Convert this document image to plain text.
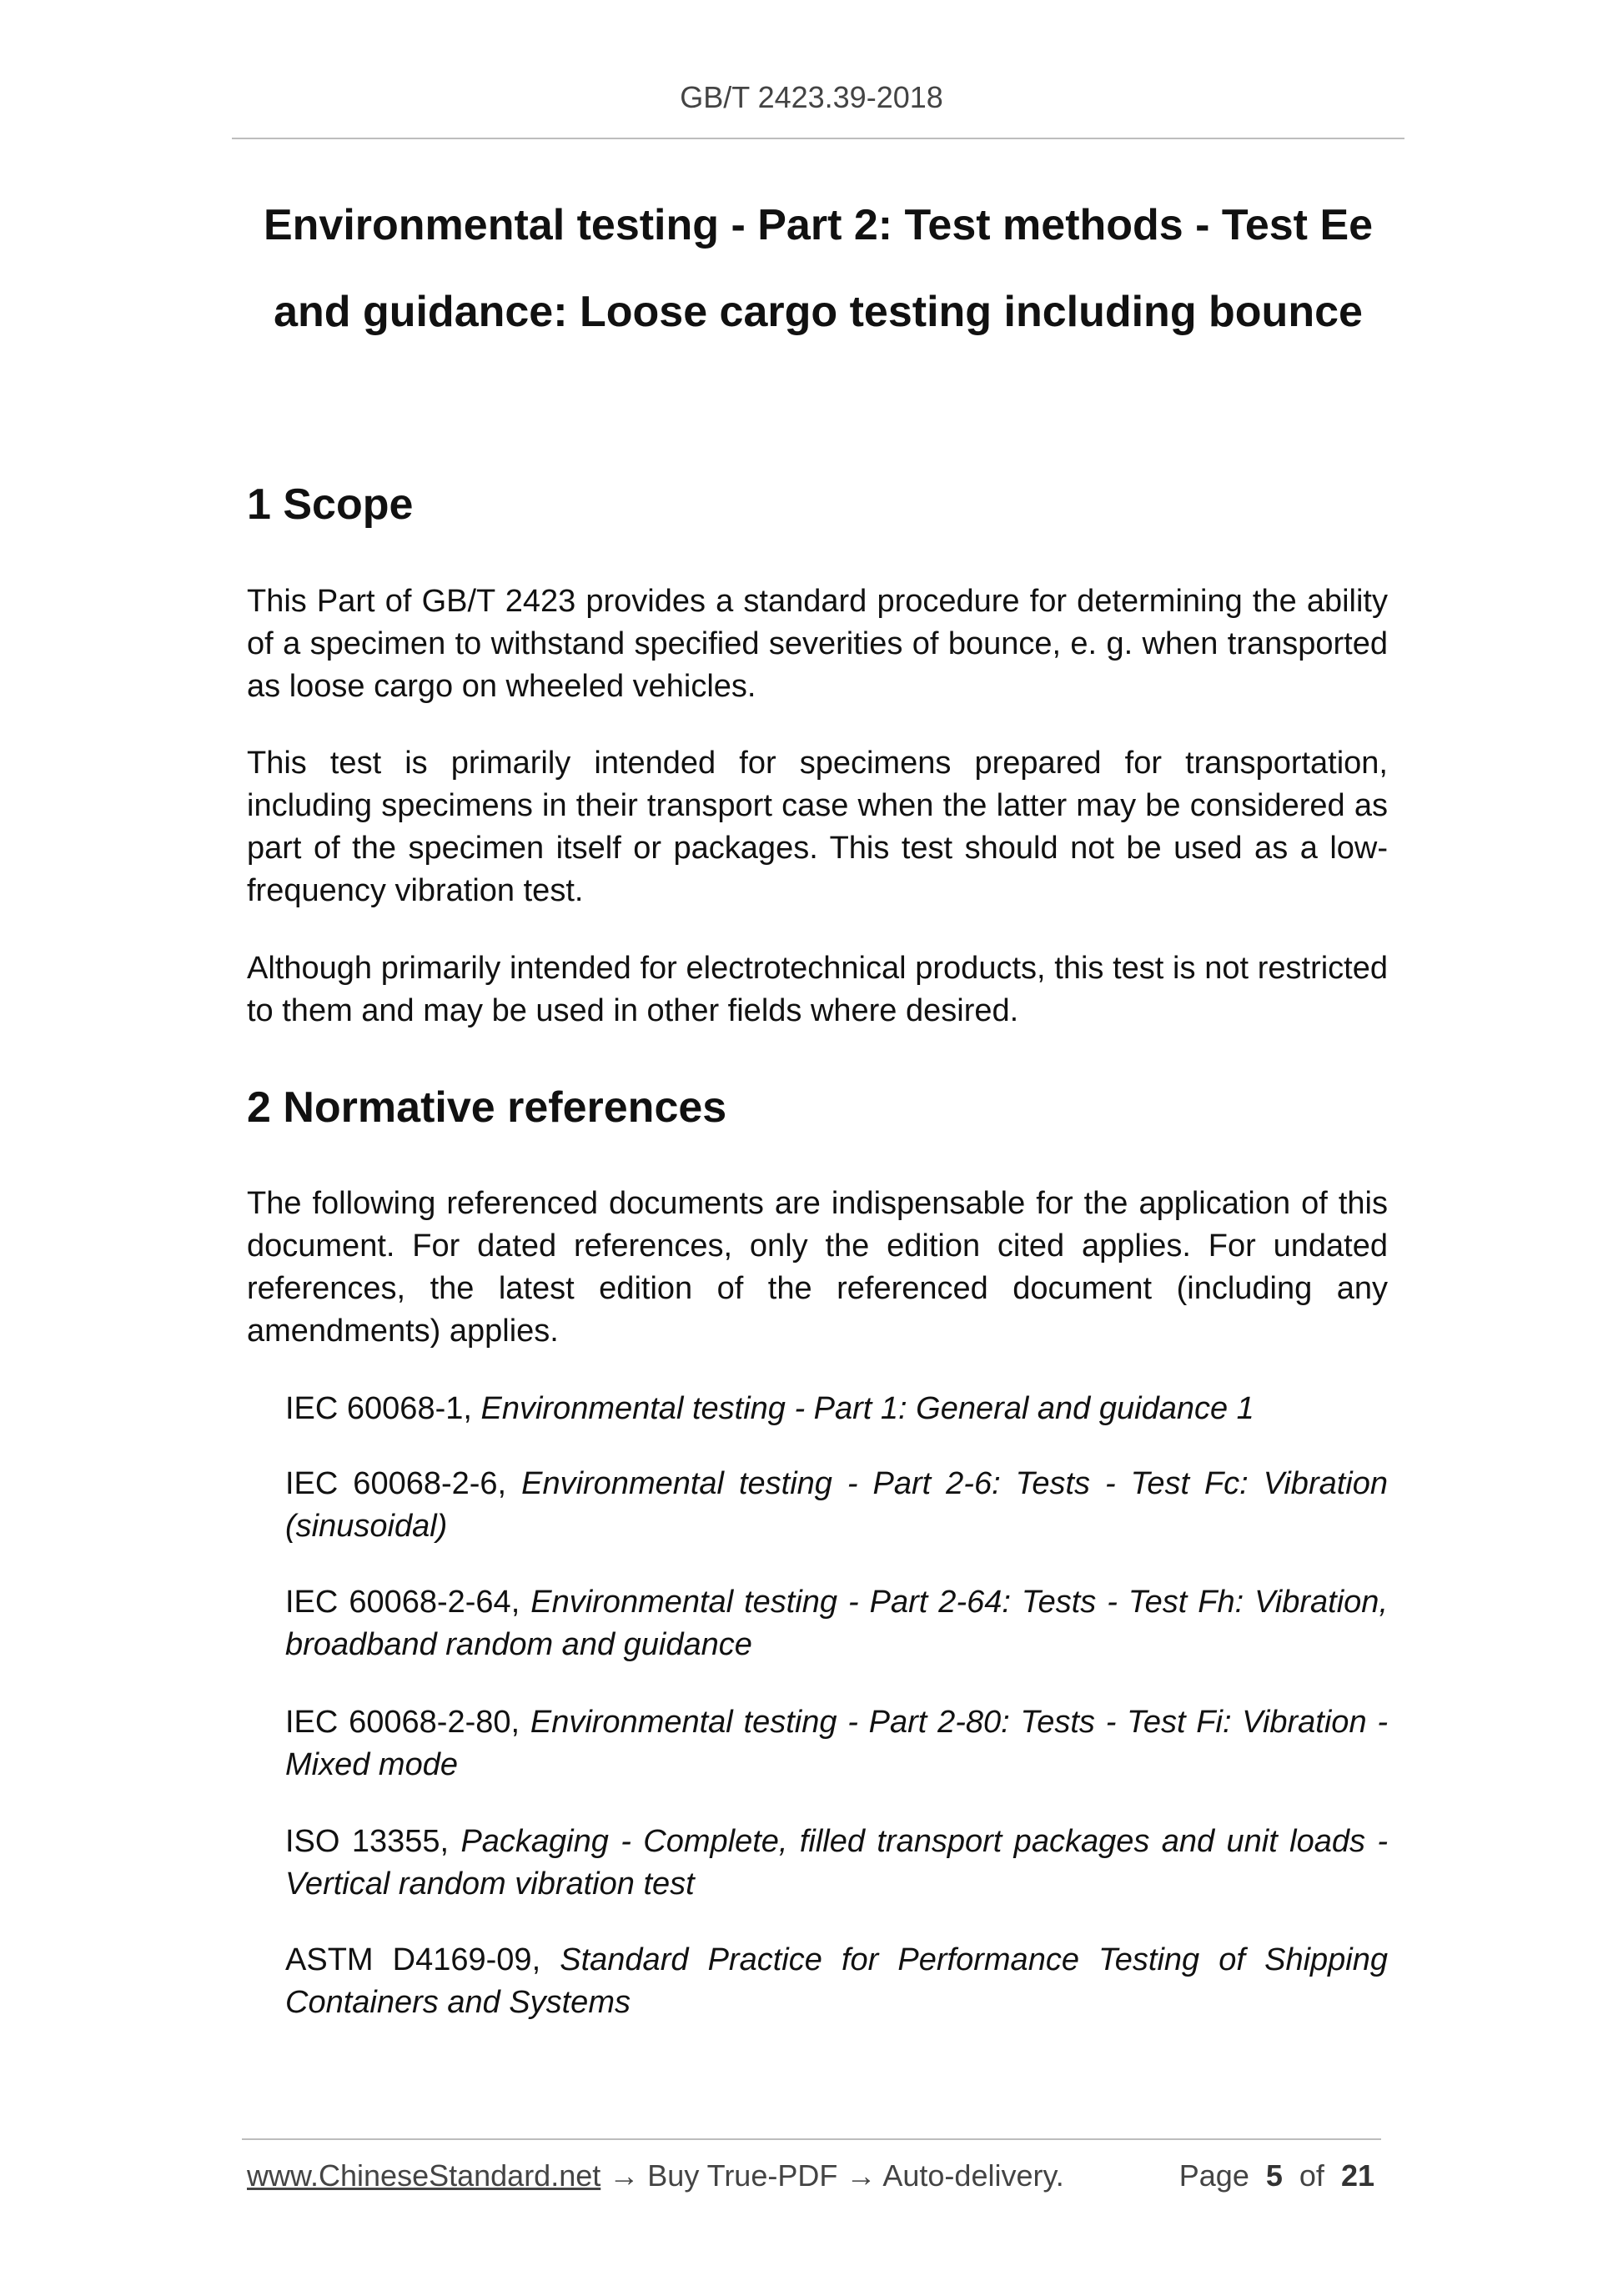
GB/T 2423.39-2018
Environmental testing - Part 2: Test methods - Test Ee
and guidance: Loose cargo testing including bounce
1 Scope

This Part of GB/T 2423 provides a standard procedure for determining the ability of a specimen to withstand specified severities of bounce, e. g. when transported as loose cargo on wheeled vehicles.

This test is primarily intended for specimens prepared for transportation, including specimens in their transport case when the latter may be considered as part of the specimen itself or packages. This test should not be used as a low-frequency vibration test.

Although primarily intended for electrotechnical products, this test is not restricted to them and may be used in other fields where desired.

2 Normative references

The following referenced documents are indispensable for the application of this document. For dated references, only the edition cited applies. For undated references, the latest edition of the referenced document (including any amendments) applies.

IEC 60068-1, Environmental testing - Part 1: General and guidance 1

IEC 60068-2-6, Environmental testing - Part 2-6: Tests - Test Fc: Vibration (sinusoidal)

IEC 60068-2-64, Environmental testing - Part 2-64: Tests - Test Fh: Vibration, broadband random and guidance

IEC 60068-2-80, Environmental testing - Part 2-80: Tests - Test Fi: Vibration - Mixed mode

ISO 13355, Packaging - Complete, filled transport packages and unit loads - Vertical random vibration test

ASTM D4169-09, Standard Practice for Performance Testing of Shipping Containers and Systems

www.ChineseStandard.net → Buy True-PDF → Auto-delivery.	Page 5 of 21
